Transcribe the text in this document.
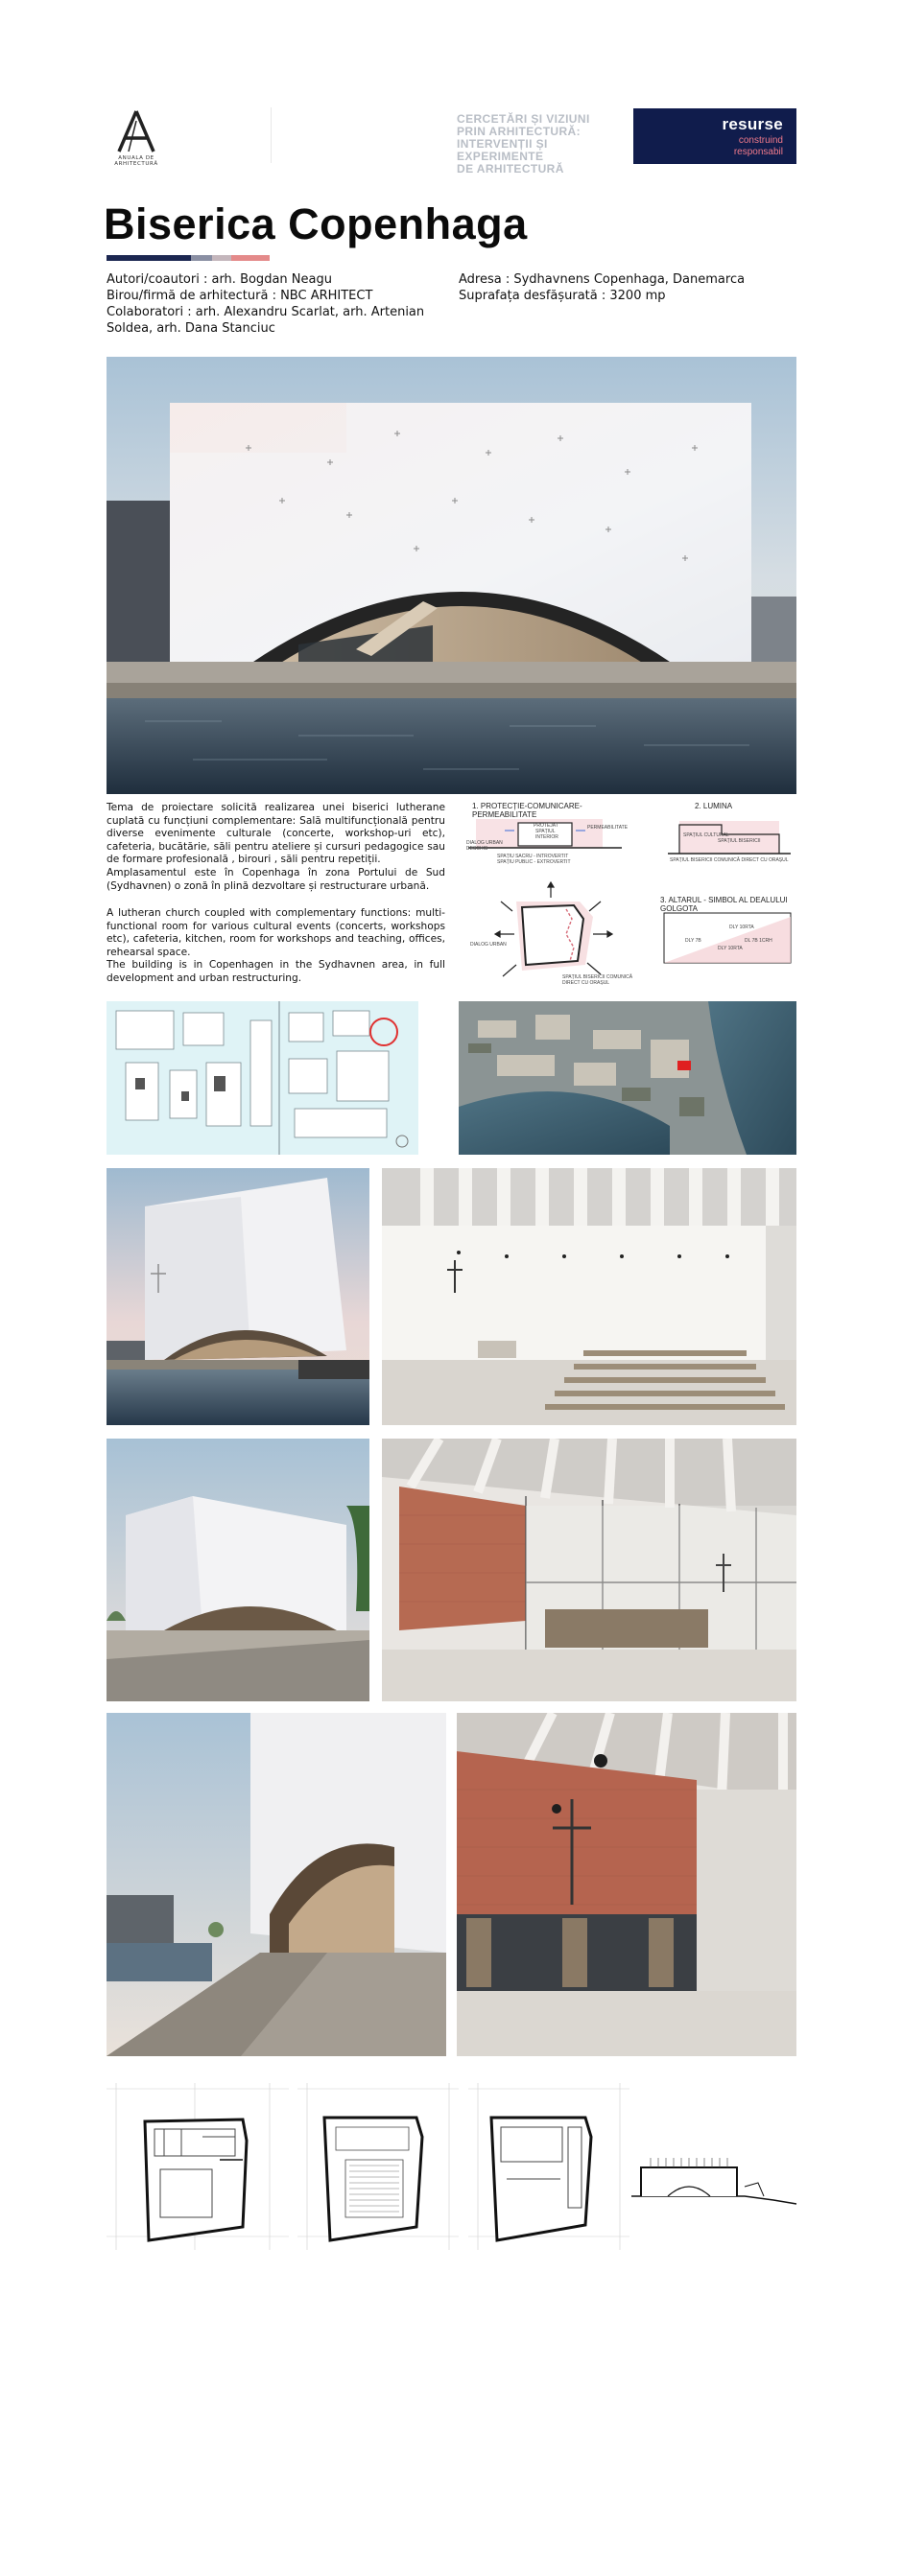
ANUALA DE ARHITECTURĂ
CERCETĂRI ȘI VIZIUNI
PRIN ARHITECTURĂ:
INTERVENȚII ȘI EXPERIMENTE
DE ARHITECTURĂ
resurse
construind
responsabil
Biserica Copenhaga
Autori/coautori : arh. Bogdan Neagu
Birou/firmă de arhitectură : NBC ARHITECT
Colaboratori : arh. Alexandru Scarlat, arh. Artenian
Soldea, arh. Dana Stanciuc
Adresa : Sydhavnens Copenhaga, Danemarca
Suprafața desfășurată : 3200 mp

Tema de proiectare solicită realizarea unei biserici lutherane cuplată cu funcțiuni complementare: Sală multifuncțională pentru diverse evenimente culturale (concerte, workshop-uri etc), cafeteria, bucătărie, săli pentru ateliere și cursuri pedagogice sau de formare profesională , birouri , săli pentru repetiții.

Amplasamentul este în Copenhaga în zona Portului de Sud (Sydhavnen) o zonă în plină dezvoltare și restructurare urbană.

A lutheran church coupled with complementary functions: multi-functional room for various cultural events (concerts, workshops etc), cafeteria, kitchen, room for workshops and teaching, offices, rehearsal space.

The building is in Copenhagen in the Sydhavnen area, in full development and urban restructuring.

1. PROTECȚIE-COMUNICARE- PERMEABILITATE
PROTEJAT
SPAȚIUL
INTERIOR
PERMEABILITATE
DIALOG URBAN
DESCHIS
SPAȚIU SACRU - INTROVERTIT
SPAȚIU PUBLIC - EXTROVERTIT
2. LUMINA
SPAȚIUL BISERICII
SPAȚIUL CULTURAL
SPAȚIUL BISERICII COMUNICĂ DIRECT CU ORAȘUL
DIALOG URBAN
SPAȚIUL BISERICII COMUNICĂ
DIRECT CU ORAȘUL
3. ALTARUL - SIMBOL AL DEALULUI GOLGOTA
DLY 10RTA
DLY 7B	DL 7B 1CRH
DLY 10RTA
